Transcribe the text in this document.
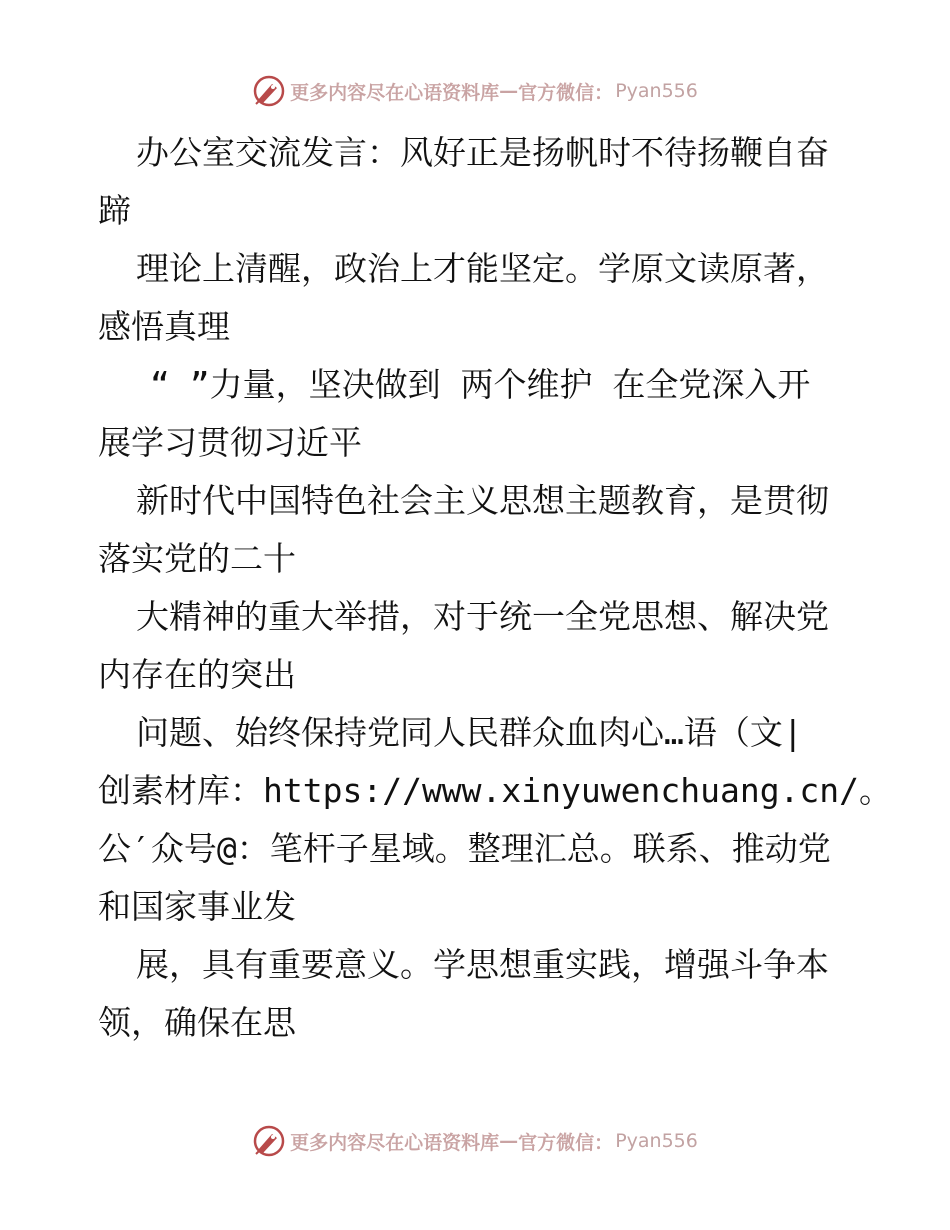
更多内容尽在心语资料库 — 官方微信： Pyan556
办公室交流发言：风好正是扬帆时不待扬鞭自奋
蹄
理论上清醒，政治上才能坚定。学原文读原著，
感悟真理
“ ”力量，坚决做到 两个维护 在全党深入开
展学习贯彻习近平
新时代中国特色社会主义思想主题教育，是贯彻
落实党的二十
大精神的重大举措，对于统一全党思想、解决党
内存在的突出
问题、始终保持党同人民群众血肉心…语（文|
创素材库：https://www.xinyuwenchuang.cn/。
公′众号@：笔杆子星域。整理汇总。联系、推动党
和国家事业发
展，具有重要意义。学思想重实践，增强斗争本
领，确保在思
更多内容尽在心语资料库 — 官方微信： Pyan556
